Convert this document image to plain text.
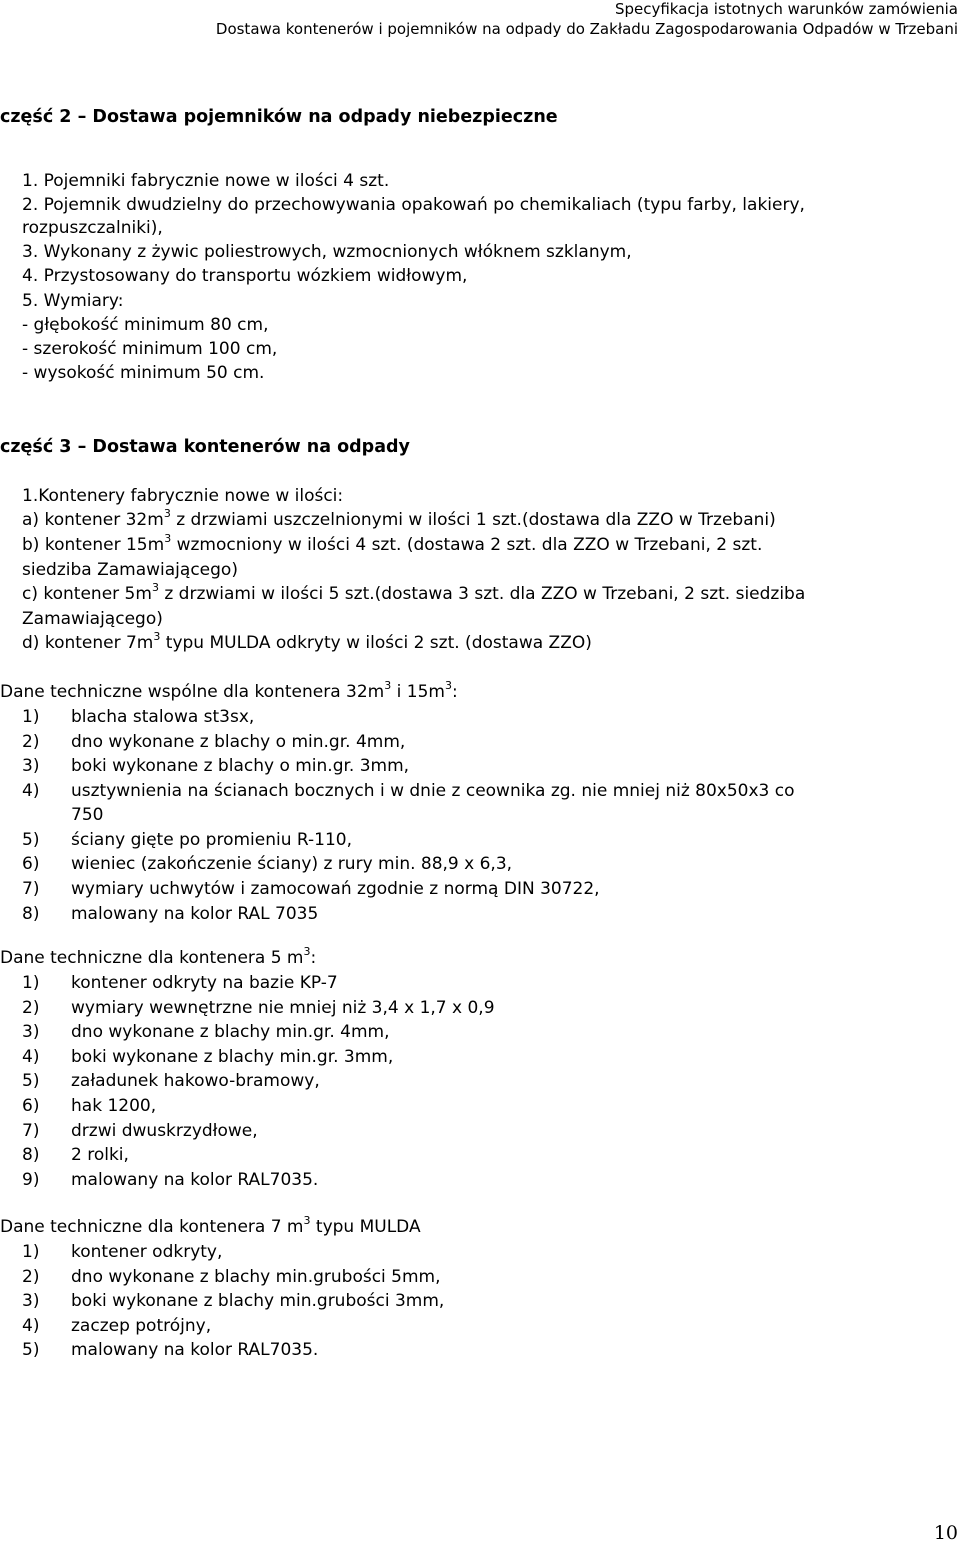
Specyfikacja istotnych warunków zamówienia
Dostawa kontenerów i pojemników na odpady do Zakładu Zagospodarowania Odpadów w Trzebani
część 2 – Dostawa pojemników na odpady niebezpieczne
1. Pojemniki fabrycznie nowe w ilości 4 szt.
2. Pojemnik dwudzielny do przechowywania opakowań po chemikaliach (typu farby, lakiery,
rozpuszczalniki),
3. Wykonany z żywic poliestrowych, wzmocnionych włóknem szklanym,
4. Przystosowany do transportu wózkiem widłowym,
5. Wymiary:
- głębokość minimum 80 cm,
- szerokość minimum 100 cm,
- wysokość minimum 50 cm.
część 3 – Dostawa kontenerów na odpady
1.Kontenery fabrycznie nowe w ilości:
a) kontener $32m^3$ z drzwiami uszczelnionymi w ilości 1 szt.(dostawa dla ZZO w Trzebani)
b) kontener $15m^3$ wzmocniony w ilości 4 szt. (dostawa 2 szt. dla ZZO w Trzebani, 2 szt.
siedziba Zamawiającego)
c) kontener $5m^3$ z drzwiami w ilości 5 szt.(dostawa 3 szt. dla ZZO w Trzebani, 2 szt. siedziba
Zamawiającego)
d) kontener $7m^3$ typu MULDA odkryty w ilości 2 szt. (dostawa ZZO)
Dane techniczne wspólne dla kontenera $32m^3$ i $15m^3$:
1) blacha stalowa st3sx,
2) dno wykonane z blachy o min.gr. 4mm,
3) boki wykonane z blachy o min.gr. 3mm,
4) usztywnienia na ścianach bocznych i w dnie z ceownika zg. nie mniej niż 80x50x3 co
750
5) ściany gięte po promieniu R-110,
6) wieniec (zakończenie ściany) z rury min. 88,9 x 6,3,
7) wymiary uchwytów i zamocowań zgodnie z normą DIN 30722,
8) malowany na kolor RAL 7035
Dane techniczne dla kontenera 5 $m^3$:
1) kontener odkryty na bazie KP-7
2) wymiary wewnętrzne nie mniej niż 3,4 x 1,7 x 0,9
3) dno wykonane z blachy min.gr. 4mm,
4) boki wykonane z blachy min.gr. 3mm,
5) załadunek hakowo-bramowy,
6) hak 1200,
7) drzwi dwuskrzydłowe,
8) 2 rolki,
9) malowany na kolor RAL7035.
Dane techniczne dla kontenera 7 $m^3$ typu MULDA
1) kontener odkryty,
2) dno wykonane z blachy min.grubości 5mm,
3) boki wykonane z blachy min.grubości 3mm,
4) zaczep potrójny,
5) malowany na kolor RAL7035.
10
